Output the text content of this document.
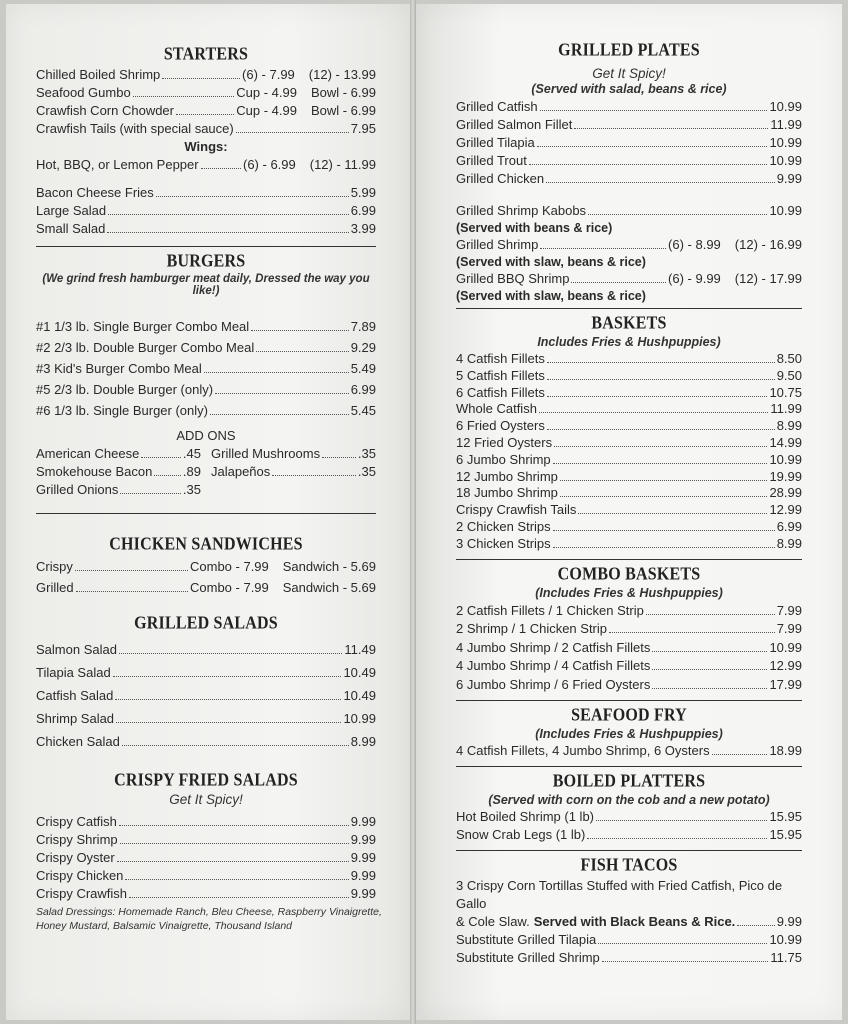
STARTERS
Chilled Boiled Shrimp	(6) - 7.99 (12) - 13.99
Seafood Gumbo	Cup - 4.99 Bowl - 6.99
Crawfish Corn Chowder	Cup - 4.99 Bowl - 6.99
Crawfish Tails (with special sauce)	7.95
Wings:
Hot, BBQ, or Lemon Pepper	(6) - 6.99 (12) - 11.99
Bacon Cheese Fries	5.99
Large Salad	6.99
Small Salad	3.99
BURGERS
(We grind fresh hamburger meat daily, Dressed the way you like!)
#1 1/3 lb. Single Burger Combo Meal	7.89
#2 2/3 lb. Double Burger Combo Meal	9.29
#3 Kid's Burger Combo Meal	5.49
#5 2/3 lb. Double Burger (only)	6.99
#6 1/3 lb. Single Burger (only)	5.45
ADD ONS
American Cheese	.45 Grilled Mushrooms	.35
Smokehouse Bacon .89 Jalapeños	.35
Grilled Onions	.35
CHICKEN SANDWICHES
Crispy	Combo - 7.99 Sandwich - 5.69
Grilled	Combo - 7.99 Sandwich - 5.69
GRILLED SALADS
Salmon Salad	11.49
Tilapia Salad	10.49
Catfish Salad	10.49
Shrimp Salad	10.99
Chicken Salad	8.99
CRISPY FRIED SALADS
Get It Spicy!
Crispy Catfish	9.99
Crispy Shrimp	9.99
Crispy Oyster	9.99
Crispy Chicken	9.99
Crispy Crawfish	9.99
Salad Dressings: Homemade Ranch, Bleu Cheese, Raspberry Vinaigrette, Honey Mustard, Balsamic Vinaigrette, Thousand Island
GRILLED PLATES
Get It Spicy!
(Served with salad, beans & rice)
Grilled Catfish	10.99
Grilled Salmon Fillet	11.99
Grilled Tilapia	10.99
Grilled Trout	10.99
Grilled Chicken	9.99
Grilled Shrimp Kabobs	10.99
(Served with beans & rice)
Grilled Shrimp	(6) - 8.99 (12) - 16.99
(Served with slaw, beans & rice)
Grilled BBQ Shrimp	(6) - 9.99 (12) - 17.99
(Served with slaw, beans & rice)
BASKETS
Includes Fries & Hushpuppies)
4 Catfish Fillets	8.50
5 Catfish Fillets	9.50
6 Catfish Fillets	10.75
Whole Catfish	11.99
6 Fried Oysters	8.99
12 Fried Oysters	14.99
6 Jumbo Shrimp	10.99
12 Jumbo Shrimp	19.99
18 Jumbo Shrimp	28.99
Crispy Crawfish Tails	12.99
2 Chicken Strips	6.99
3 Chicken Strips	8.99
COMBO BASKETS
(Includes Fries & Hushpuppies)
2 Catfish Fillets / 1 Chicken Strip	7.99
2 Shrimp / 1 Chicken Strip	7.99
4 Jumbo Shrimp / 2 Catfish Fillets	10.99
4 Jumbo Shrimp / 4 Catfish Fillets	12.99
6 Jumbo Shrimp / 6 Fried Oysters	17.99
SEAFOOD FRY
(Includes Fries & Hushpuppies)
4 Catfish Fillets, 4 Jumbo Shrimp, 6 Oysters	18.99
BOILED PLATTERS
(Served with corn on the cob and a new potato)
Hot Boiled Shrimp (1 lb)	15.95
Snow Crab Legs (1 lb)	15.95
FISH TACOS
3 Crispy Corn Tortillas Stuffed with Fried Catfish, Pico de Gallo
& Cole Slaw. Served with Black Beans & Rice.	9.99
Substitute Grilled Tilapia	10.99
Substitute Grilled Shrimp	11.75
